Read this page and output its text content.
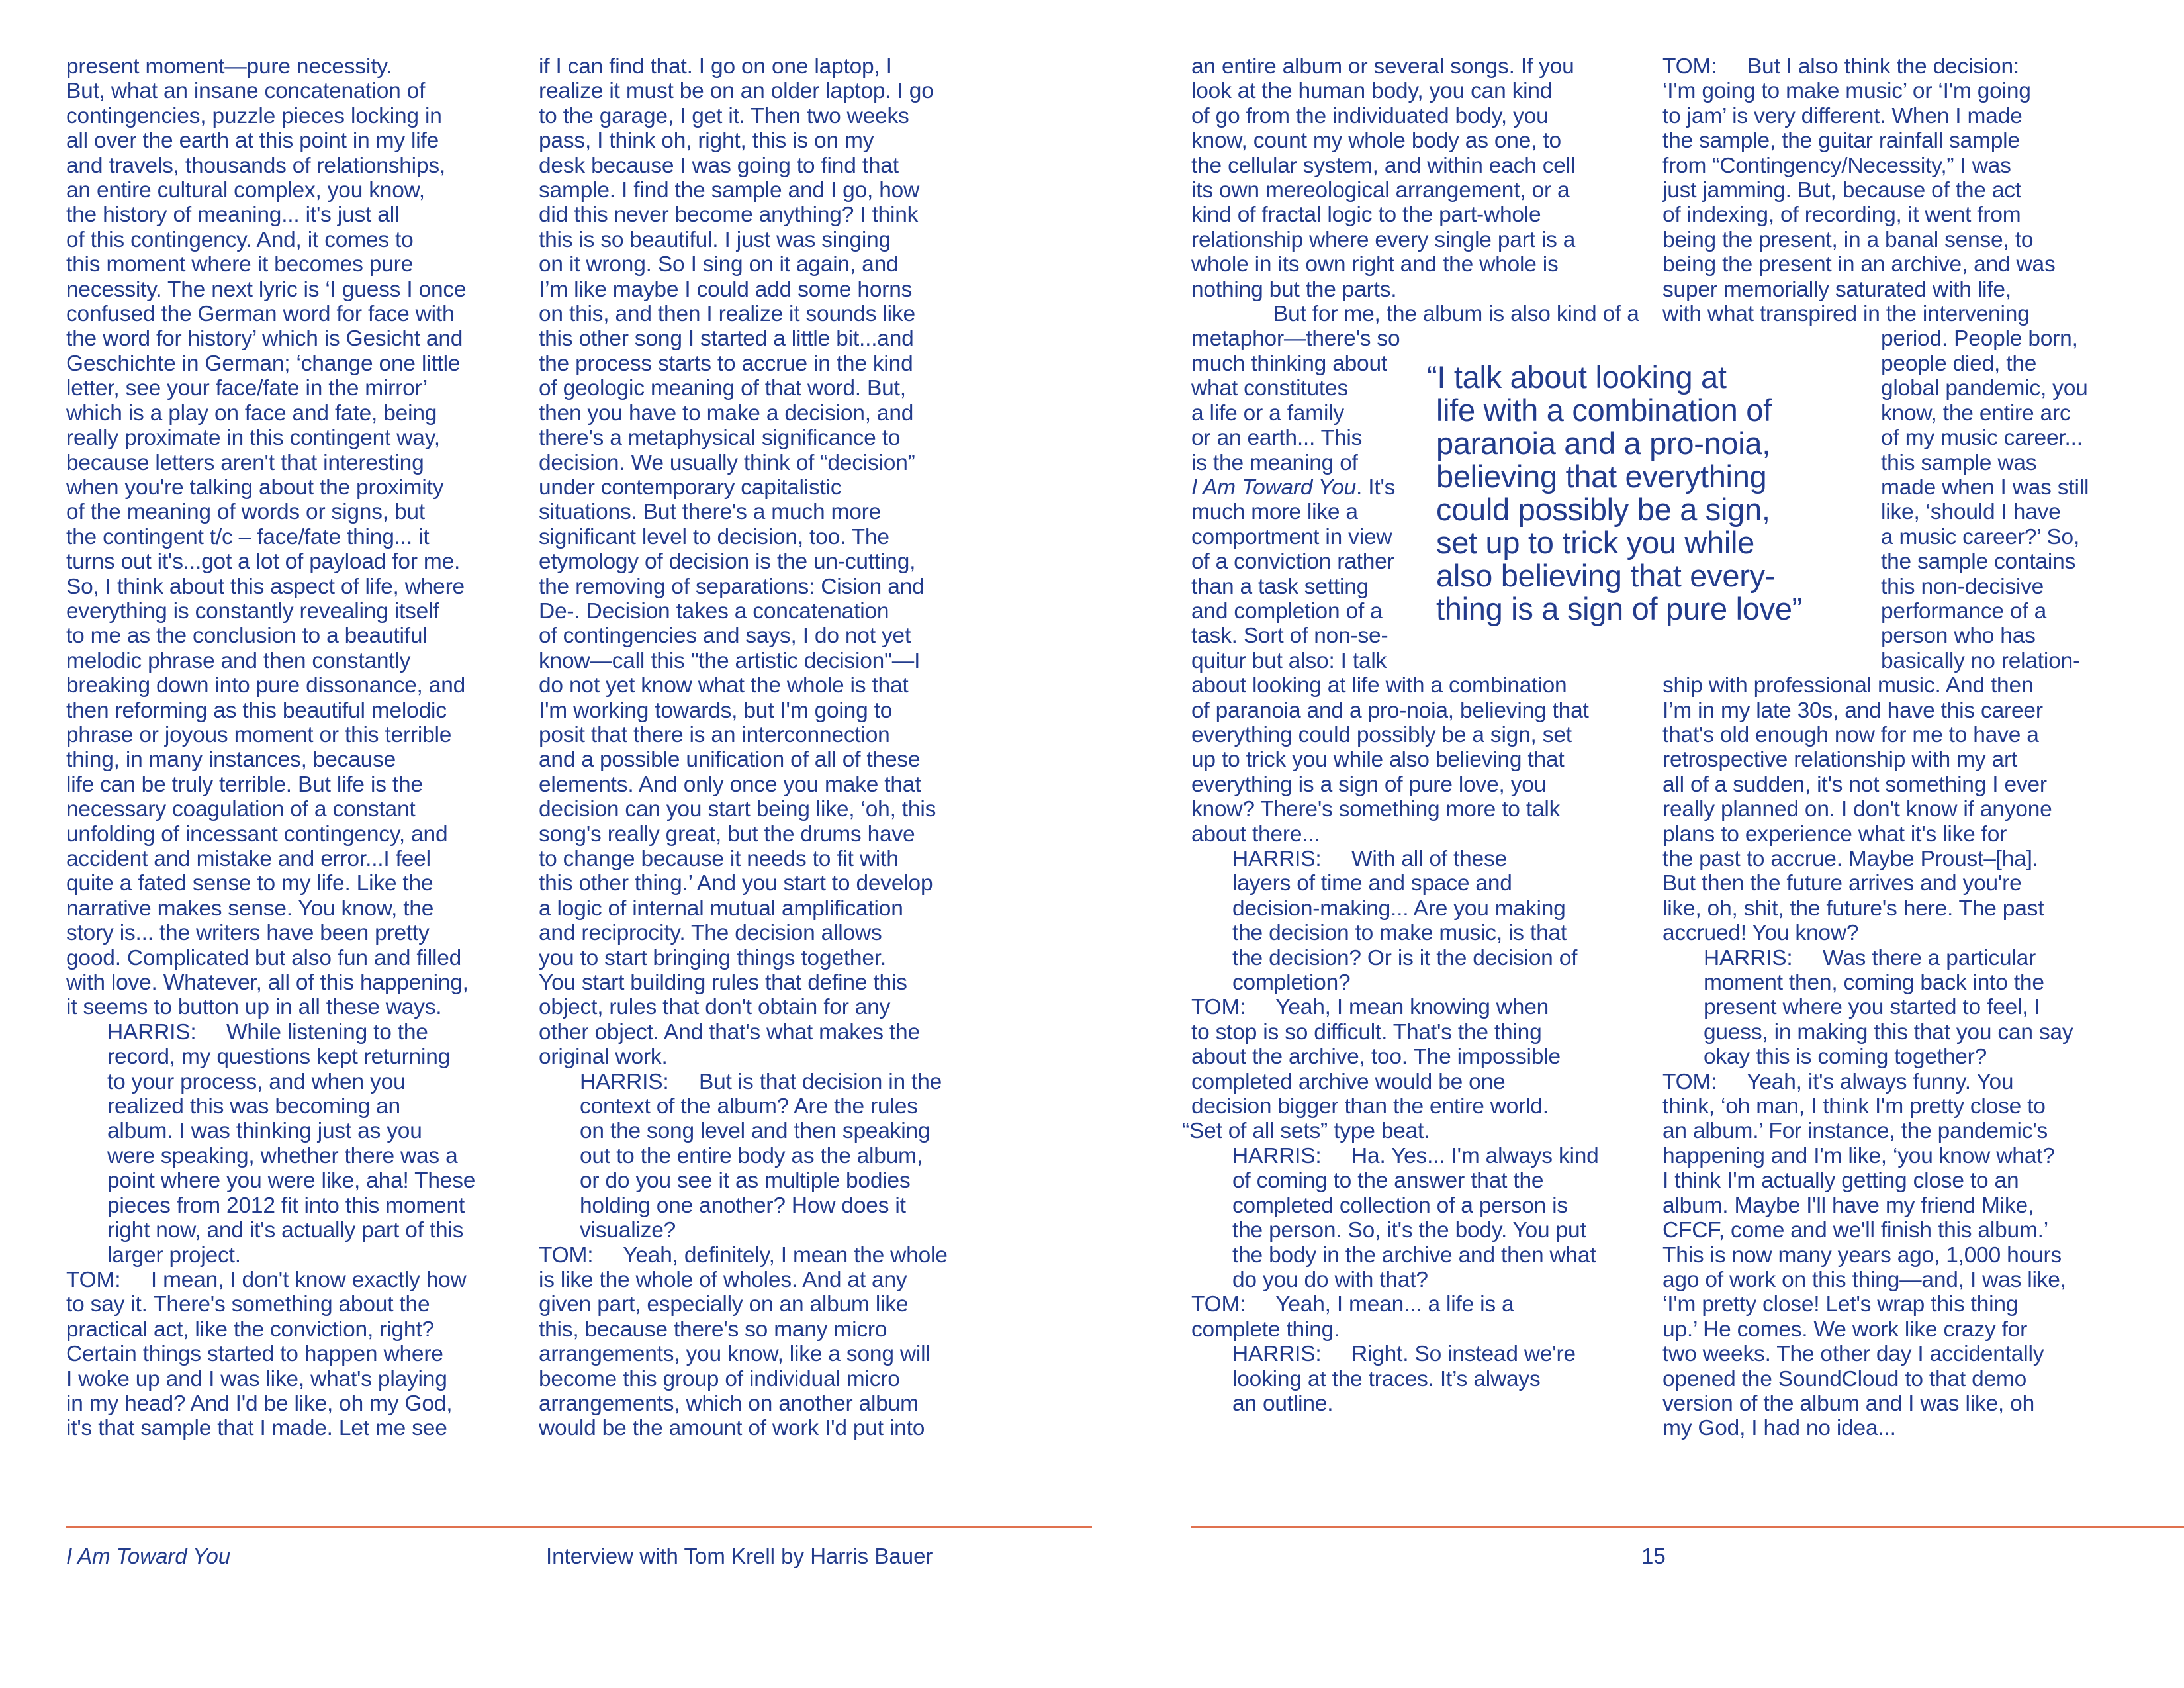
present moment—pure necessity.
But, what an insane concatenation of
contingencies, puzzle pieces locking in
all over the earth at this point in my life
and travels, thousands of relationships,
an entire cultural complex, you know,
the history of meaning... it's just all
of this contingency. And, it comes to
this moment where it becomes pure
necessity. The next lyric is ‘I guess I once
confused the German word for face with
the word for history’ which is Gesicht and
Geschichte in German; ‘change one little
letter, see your face/fate in the mirror’
which is a play on face and fate, being
really proximate in this contingent way,
because letters aren't that interesting
when you're talking about the proximity
of the meaning of words or signs, but
the contingent t/c – face/fate thing... it
turns out it's...got a lot of payload for me.
So, I think about this aspect of life, where
everything is constantly revealing itself
to me as the conclusion to a beautiful
melodic phrase and then constantly
breaking down into pure dissonance, and
then reforming as this beautiful melodic
phrase or joyous moment or this terrible
thing, in many instances, because
life can be truly terrible. But life is the
necessary coagulation of a constant
unfolding of incessant contingency, and
accident and mistake and error...I feel
quite a fated sense to my life. Like the
narrative makes sense. You know, the
story is... the writers have been pretty
good. Complicated but also fun and filled
with love. Whatever, all of this happening,
it seems to button up in all these ways.
HARRIS:     While listening to the
record, my questions kept returning
to your process, and when you
realized this was becoming an
album. I was thinking just as you
were speaking, whether there was a
point where you were like, aha! These
pieces from 2012 fit into this moment
right now, and it's actually part of this
larger project.
TOM:     I mean, I don't know exactly how
to say it. There's something about the
practical act, like the conviction, right?
Certain things started to happen where
I woke up and I was like, what's playing
in my head? And I'd be like, oh my God,
it's that sample that I made. Let me see
if I can find that. I go on one laptop, I
realize it must be on an older laptop. I go
to the garage, I get it. Then two weeks
pass, I think oh, right, this is on my
desk because I was going to find that
sample. I find the sample and I go, how
did this never become anything? I think
this is so beautiful. I just was singing
on it wrong. So I sing on it again, and
I’m like maybe I could add some horns
on this, and then I realize it sounds like
this other song I started a little bit...and
the process starts to accrue in the kind
of geologic meaning of that word. But,
then you have to make a decision, and
there's a metaphysical significance to
decision. We usually think of “decision”
under contemporary capitalistic
situations. But there's a much more
significant level to decision, too. The
etymology of decision is the un-cutting,
the removing of separations: Cision and
De-. Decision takes a concatenation
of contingencies and says, I do not yet
know—call this "the artistic decision"—I
do not yet know what the whole is that
I'm working towards, but I'm going to
posit that there is an interconnection
and a possible unification of all of these
elements. And only once you make that
decision can you start being like, ‘oh, this
song's really great, but the drums have
to change because it needs to fit with
this other thing.’ And you start to develop
a logic of internal mutual amplification
and reciprocity. The decision allows
you to start bringing things together.
You start building rules that define this
object, rules that don't obtain for any
other object. And that's what makes the
original work.
HARRIS:     But is that decision in the
context of the album? Are the rules
on the song level and then speaking
out to the entire body as the album,
or do you see it as multiple bodies
holding one another? How does it
visualize?
TOM:     Yeah, definitely, I mean the whole
is like the whole of wholes. And at any
given part, especially on an album like
this, because there's so many micro
arrangements, you know, like a song will
become this group of individual micro
arrangements, which on another album
would be the amount of work I'd put into
an entire album or several songs. If you
look at the human body, you can kind
of go from the individuated body, you
know, count my whole body as one, to
the cellular system, and within each cell
its own mereological arrangement, or a
kind of fractal logic to the part-whole
relationship where every single part is a
whole in its own right and the whole is
nothing but the parts.
But for me, the album is also kind of a
metaphor—there's so
much thinking about
what constitutes
a life or a family
or an earth... This
is the meaning of
I Am Toward You. It's
much more like a
comportment in view
of a conviction rather
than a task setting
and completion of a
task. Sort of non-se-
quitur but also: I talk
about looking at life with a combination
of paranoia and a pro-noia, believing that
everything could possibly be a sign, set
up to trick you while also believing that
everything is a sign of pure love, you
know? There's something more to talk
about there...
HARRIS:     With all of these
layers of time and space and
decision-making... Are you making
the decision to make music, is that
the decision? Or is it the decision of
completion?
TOM:     Yeah, I mean knowing when
to stop is so difficult. That's the thing
about the archive, too. The impossible
completed archive would be one
decision bigger than the entire world.
“Set of all sets” type beat.
HARRIS:     Ha. Yes... I'm always kind
of coming to the answer that the
completed collection of a person is
the person. So, it's the body. You put
the body in the archive and then what
do you do with that?
TOM:     Yeah, I mean... a life is a
complete thing.
HARRIS:     Right. So instead we're
looking at the traces. It’s always
an outline.
TOM:     But I also think the decision:
‘I'm going to make music’ or ‘I'm going
to jam’ is very different. When I made
the sample, the guitar rainfall sample
from “Contingency/Necessity,” I was
just jamming. But, because of the act
of indexing, of recording, it went from
being the present, in a banal sense, to
being the present in an archive, and was
super memorially saturated with life,
with what transpired in the intervening
period. People born,
people died, the
global pandemic, you
know, the entire arc
of my music career...
this sample was
made when I was still
like, ‘should I have
a music career?’ So,
the sample contains
this non-decisive
performance of a
person who has
basically no relation-
ship with professional music. And then
I’m in my late 30s, and have this career
that's old enough now for me to have a
retrospective relationship with my art
all of a sudden, it's not something I ever
really planned on. I don't know if anyone
plans to experience what it's like for
the past to accrue. Maybe Proust–[ha].
But then the future arrives and you're
like, oh, shit, the future's here. The past
accrued! You know?
HARRIS:     Was there a particular
moment then, coming back into the
present where you started to feel, I
guess, in making this that you can say
okay this is coming together?
TOM:     Yeah, it's always funny. You
think, ‘oh man, I think I'm pretty close to
an album.’ For instance, the pandemic's
happening and I'm like, ‘you know what?
I think I'm actually getting close to an
album. Maybe I'll have my friend Mike,
CFCF, come and we'll finish this album.’
This is now many years ago, 1,000 hours
ago of work on this thing—and, I was like,
‘I'm pretty close! Let's wrap this thing
up.’ He comes. We work like crazy for
two weeks. The other day I accidentally
opened the SoundCloud to that demo
version of the album and I was like, oh
my God, I had no idea...
“I talk about looking at
life with a combination of
paranoia and a pro-noia,
believing that everything
could possibly be a sign,
set up to trick you while
also believing that every-
thing is a sign of pure love”
I Am Toward You	Interview with Tom Krell by Harris Bauer	15
